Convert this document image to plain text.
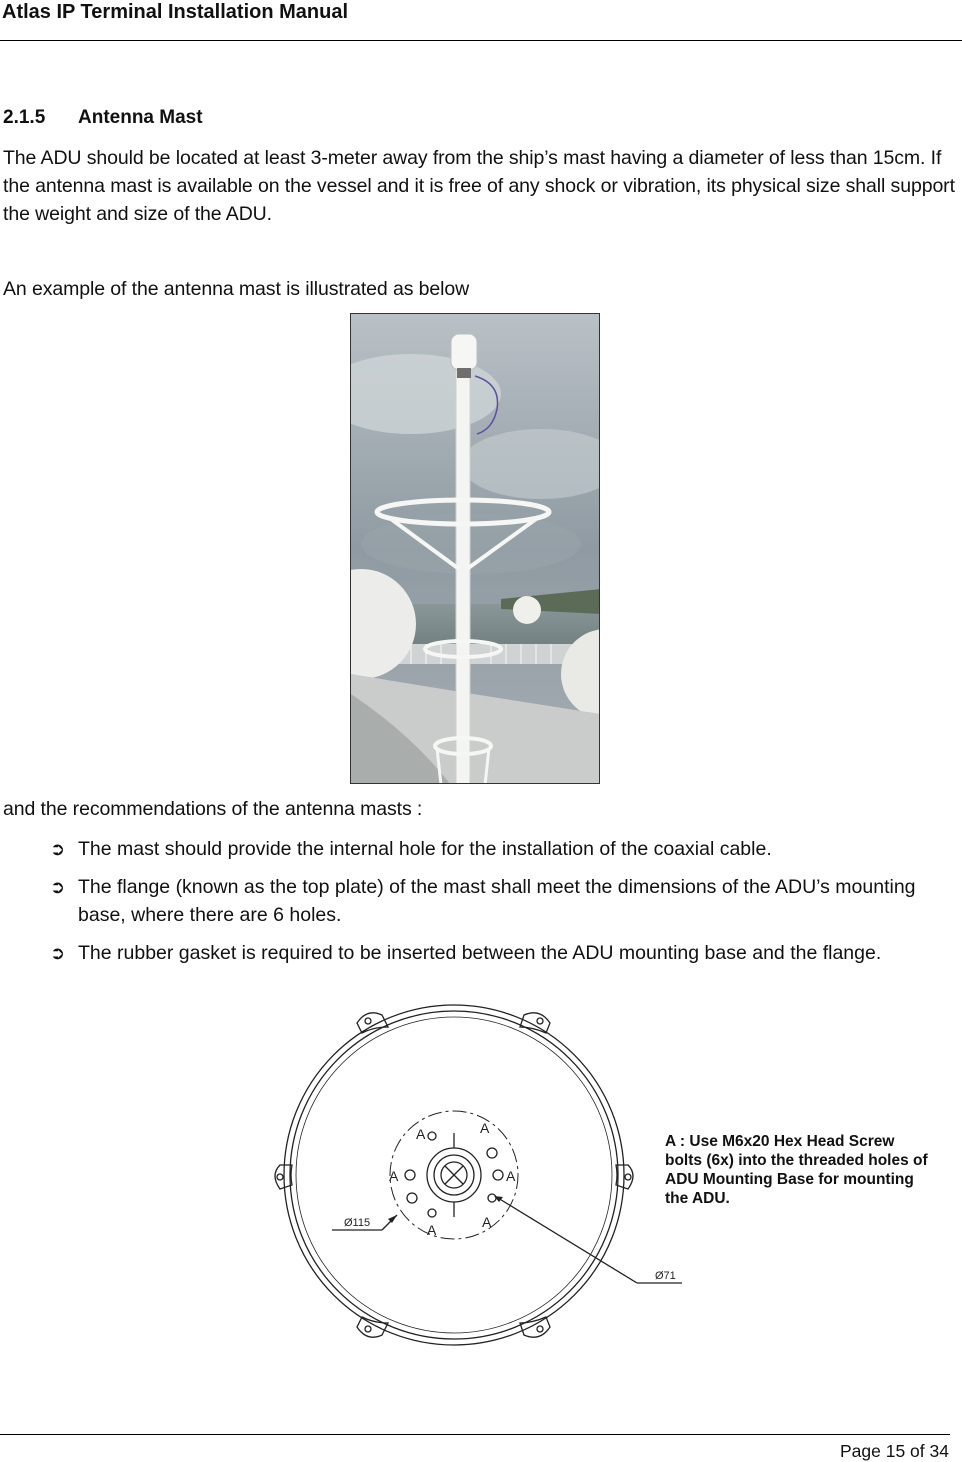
Atlas IP Terminal Installation Manual
2.1.5 Antenna Mast
The ADU should be located at least 3-meter away from the ship’s mast having a diameter of less than 15cm. If the antenna mast is available on the vessel and it is free of any shock or vibration, its physical size shall support the weight and size of the ADU.
An example of the antenna mast is illustrated as below
and the recommendations of the antenna masts :
➲ The mast should provide the internal hole for the installation of the coaxial cable.
➲ The flange (known as the top plate) of the mast shall meet the dimensions of the ADU’s mounting base, where there are 6 holes.
➲ The rubber gasket is required to be inserted between the ADU mounting base and the flange.
A	A
A	A
A	A
Ø115
Ø71
A : Use M6x20 Hex Head Screw bolts (6x) into the threaded holes of ADU Mounting Base for mounting the ADU.
Page 15 of 34
